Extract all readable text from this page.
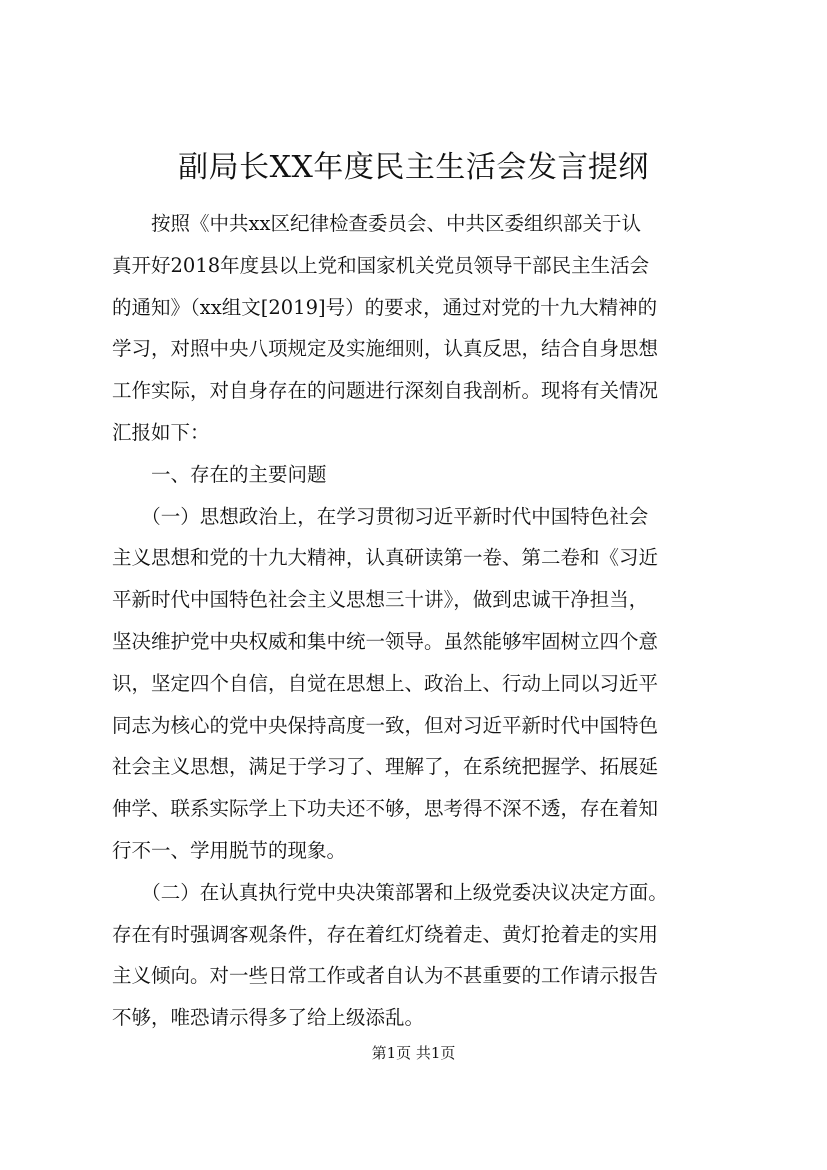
副局长XX年度民主生活会发言提纲
　　按照《中共xx区纪律检查委员会、中共区委组织部关于认
真开好2018年度县以上党和国家机关党员领导干部民主生活会
的通知》（xx组文[2019]号）的要求，通过对党的十九大精神的
学习，对照中央八项规定及实施细则，认真反思，结合自身思想
工作实际，对自身存在的问题进行深刻自我剖析。现将有关情况
汇报如下：
　　一、存在的主要问题
　　（一）思想政治上，在学习贯彻习近平新时代中国特色社会
主义思想和党的十九大精神，认真研读第一卷、第二卷和《习近
平新时代中国特色社会主义思想三十讲》，做到忠诚干净担当，
坚决维护党中央权威和集中统一领导。虽然能够牢固树立四个意
识，坚定四个自信，自觉在思想上、政治上、行动上同以习近平
同志为核心的党中央保持高度一致，但对习近平新时代中国特色
社会主义思想，满足于学习了、理解了，在系统把握学、拓展延
伸学、联系实际学上下功夫还不够，思考得不深不透，存在着知
行不一、学用脱节的现象。
　　（二）在认真执行党中央决策部署和上级党委决议决定方面。
存在有时强调客观条件，存在着红灯绕着走、黄灯抢着走的实用
主义倾向。对一些日常工作或者自认为不甚重要的工作请示报告
不够，唯恐请示得多了给上级添乱。
第1页 共1页
